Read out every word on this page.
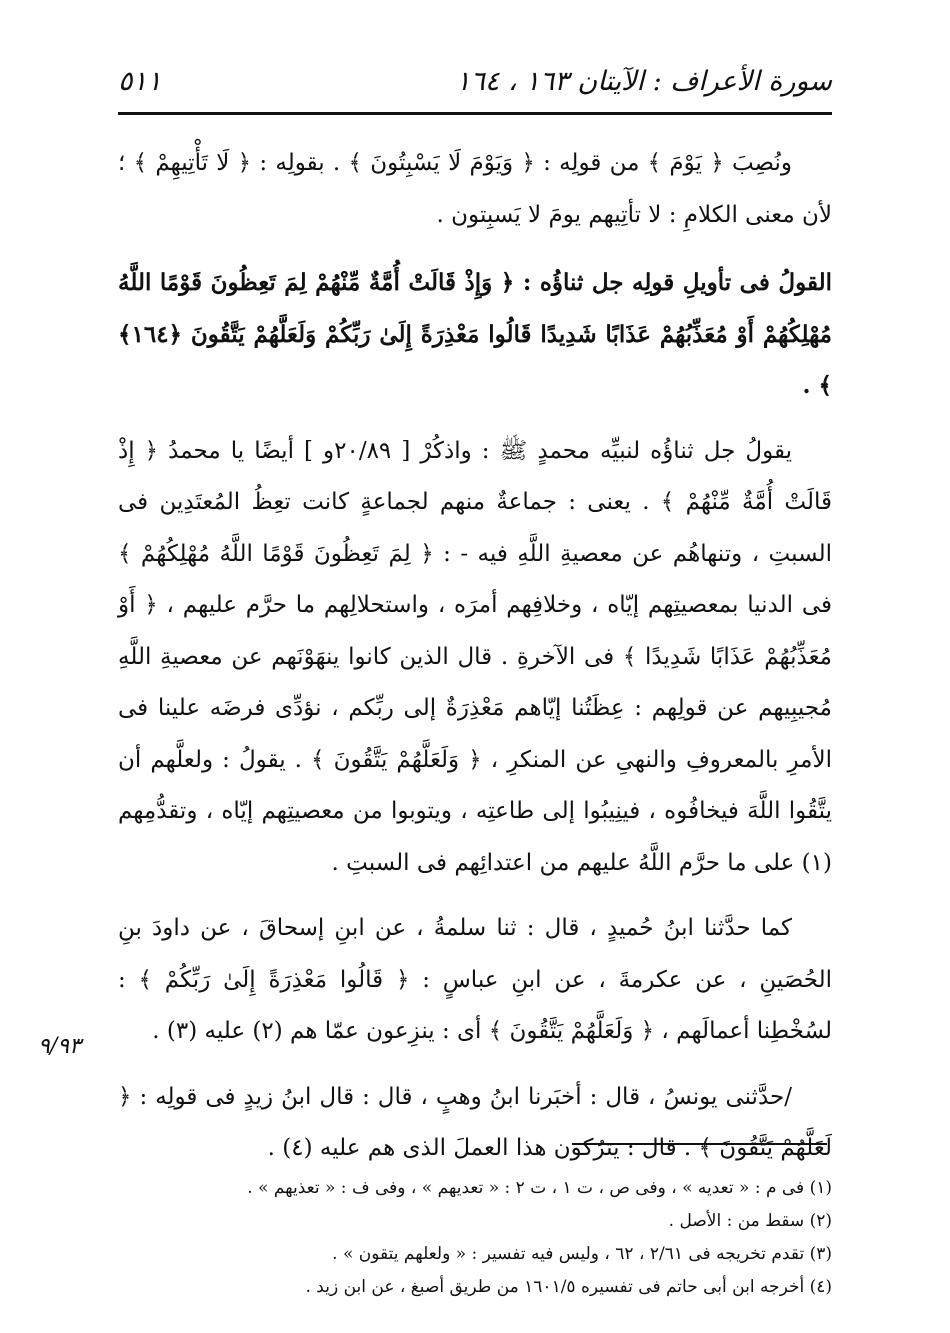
سورة الأعراف : الآيتان ١٦٣ ، ١٦٤
٥١١

ونُصِبَ ﴿ يَوْمَ ﴾ من قولِه : ﴿ وَيَوْمَ لَا يَسْبِتُونَ ﴾ . بقولِه : ﴿ لَا تَأْتِيهِمْ ﴾ ؛ لأن معنى الكلامِ : لا تأتِيهم يومَ لا يَسبِتون .

القولُ فى تأويلِ قولِه جل ثناؤُه : ﴿ وَإِذْ قَالَتْ أُمَّةٌ مِّنْهُمْ لِمَ تَعِظُونَ قَوْمًا اللَّهُ مُهْلِكُهُمْ أَوْ مُعَذِّبُهُمْ عَذَابًا شَدِيدًا قَالُوا مَعْذِرَةً إِلَىٰ رَبِّكُمْ وَلَعَلَّهُمْ يَتَّقُونَ ﴿١٦٤﴾ ﴾ .

يقولُ جل ثناؤُه لنبيِّه محمدٍ ﷺ : واذكُرْ [ ٢٠/٨٩و ] أيضًا يا محمدُ ﴿ إِذْ قَالَتْ أُمَّةٌ مِّنْهُمْ ﴾ . يعنى : جماعةٌ منهم لجماعةٍ كانت تعِظُ المُعتَدِين فى السبتِ ، وتنهاهُم عن معصيةِ اللَّهِ فيه - : ﴿ لِمَ تَعِظُونَ قَوْمًا اللَّهُ مُهْلِكُهُمْ ﴾ فى الدنيا بمعصيتِهم إيّاه ، وخلافِهم أمرَه ، واستحلالِهم ما حرَّم عليهم ، ﴿ أَوْ مُعَذِّبُهُمْ عَذَابًا شَدِيدًا ﴾ فى الآخرةِ . قال الذين كانوا ينهَوْنَهم عن معصيةِ اللَّهِ مُجيبِيهم عن قولِهم : عِظَتُنا إيّاهم مَعْذِرَةٌ إلى ربِّكم ، نؤدِّى فرضَه علينا فى الأمرِ بالمعروفِ والنهىِ عن المنكرِ ، ﴿ وَلَعَلَّهُمْ يَتَّقُونَ ﴾ . يقولُ : ولعلَّهم أن يتَّقُوا اللَّهَ فيخافُوه ، فينِيبُوا إلى طاعتِه ، ويتوبوا من معصيتِهم إيّاه ، وتقدُّمِهم (١) على ما حرَّم اللَّهُ عليهم من اعتدائِهم فى السبتِ .

كما حدَّثنا ابنُ حُميدٍ ، قال : ثنا سلمةُ ، عن ابنِ إسحاقَ ، عن داودَ بنِ الحُصَينِ ، عن عكرمةَ ، عن ابنِ عباسٍ : ﴿ قَالُوا مَعْذِرَةً إِلَىٰ رَبِّكُمْ ﴾ : لسُخْطِنا أعمالَهم ، ﴿ وَلَعَلَّهُمْ يَتَّقُونَ ﴾ أى : ينزِعون عمّا هم (٢) عليه (٣) .

/حدَّثنى يونسُ ، قال : أخبَرنا ابنُ وهبٍ ، قال : قال ابنُ زيدٍ فى قولِه : ﴿ لَعَلَّهُمْ يَتَّقُونَ ﴾ . قال : يترُكون هذا العملَ الذى هم عليه (٤) .

٩/٩٣

(١) فى م : « تعديه » ، وفى ص ، ت ١ ، ت ٢ : « تعديهم » ، وفى ف : « تعذيهم » .

(٢) سقط من : الأصل .

(٣) تقدم تخريجه فى ٢/٦١ ، ٦٢ ، وليس فيه تفسير : « ولعلهم يتقون » .

(٤) أخرجه ابن أبى حاتم فى تفسيره ١٦٠١/٥ من طريق أصبغ ، عن ابن زيد .
